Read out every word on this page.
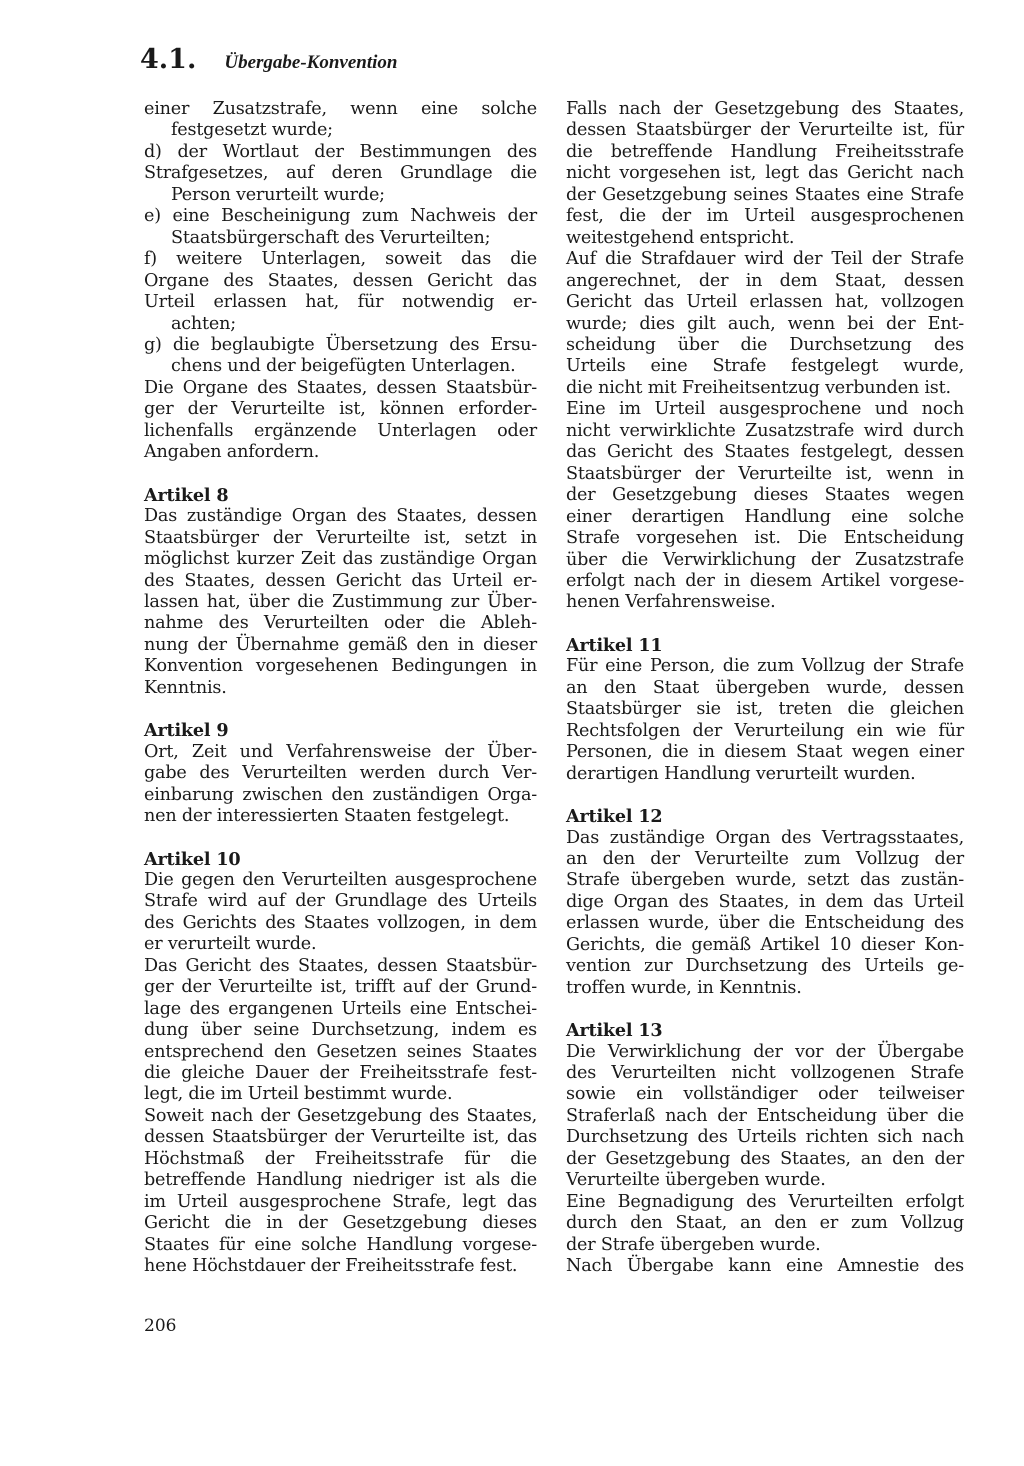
4.1. Übergabe-Konvention
einer Zusatzstrafe, wenn eine solche
festgesetzt wurde;
d) der Wortlaut der Bestimmungen des
Strafgesetzes, auf deren Grundlage die
Person verurteilt wurde;
e) eine Bescheinigung zum Nachweis der
Staatsbürgerschaft des Verurteilten;
f) weitere Unterlagen, soweit das die
Organe des Staates, dessen Gericht das
Urteil erlassen hat, für notwendig er-
achten;
g) die beglaubigte Übersetzung des Ersu-
chens und der beigefügten Unterlagen.
Die Organe des Staates, dessen Staatsbür-
ger der Verurteilte ist, können erforder-
lichenfalls ergänzende Unterlagen oder
Angaben anfordern.
Artikel 8
Das zuständige Organ des Staates, dessen
Staatsbürger der Verurteilte ist, setzt in
möglichst kurzer Zeit das zuständige Organ
des Staates, dessen Gericht das Urteil er-
lassen hat, über die Zustimmung zur Über-
nahme des Verurteilten oder die Ableh-
nung der Übernahme gemäß den in dieser
Konvention vorgesehenen Bedingungen in
Kenntnis.
Artikel 9
Ort, Zeit und Verfahrensweise der Über-
gabe des Verurteilten werden durch Ver-
einbarung zwischen den zuständigen Orga-
nen der interessierten Staaten festgelegt.
Artikel 10
Die gegen den Verurteilten ausgesprochene
Strafe wird auf der Grundlage des Urteils
des Gerichts des Staates vollzogen, in dem
er verurteilt wurde.
Das Gericht des Staates, dessen Staatsbür-
ger der Verurteilte ist, trifft auf der Grund-
lage des ergangenen Urteils eine Entschei-
dung über seine Durchsetzung, indem es
entsprechend den Gesetzen seines Staates
die gleiche Dauer der Freiheitsstrafe fest-
legt, die im Urteil bestimmt wurde.
Soweit nach der Gesetzgebung des Staates,
dessen Staatsbürger der Verurteilte ist, das
Höchstmaß der Freiheitsstrafe für die
betreffende Handlung niedriger ist als die
im Urteil ausgesprochene Strafe, legt das
Gericht die in der Gesetzgebung dieses
Staates für eine solche Handlung vorgese-
hene Höchstdauer der Freiheitsstrafe fest.
Falls nach der Gesetzgebung des Staates,
dessen Staatsbürger der Verurteilte ist, für
die betreffende Handlung Freiheitsstrafe
nicht vorgesehen ist, legt das Gericht nach
der Gesetzgebung seines Staates eine Strafe
fest, die der im Urteil ausgesprochenen
weitestgehend entspricht.
Auf die Strafdauer wird der Teil der Strafe
angerechnet, der in dem Staat, dessen
Gericht das Urteil erlassen hat, vollzogen
wurde; dies gilt auch, wenn bei der Ent-
scheidung über die Durchsetzung des
Urteils eine Strafe festgelegt wurde,
die nicht mit Freiheitsentzug verbunden ist.
Eine im Urteil ausgesprochene und noch
nicht verwirklichte Zusatzstrafe wird durch
das Gericht des Staates festgelegt, dessen
Staatsbürger der Verurteilte ist, wenn in
der Gesetzgebung dieses Staates wegen
einer derartigen Handlung eine solche
Strafe vorgesehen ist. Die Entscheidung
über die Verwirklichung der Zusatzstrafe
erfolgt nach der in diesem Artikel vorgese-
henen Verfahrensweise.
Artikel 11
Für eine Person, die zum Vollzug der Strafe
an den Staat übergeben wurde, dessen
Staatsbürger sie ist, treten die gleichen
Rechtsfolgen der Verurteilung ein wie für
Personen, die in diesem Staat wegen einer
derartigen Handlung verurteilt wurden.
Artikel 12
Das zuständige Organ des Vertragsstaates,
an den der Verurteilte zum Vollzug der
Strafe übergeben wurde, setzt das zustän-
dige Organ des Staates, in dem das Urteil
erlassen wurde, über die Entscheidung des
Gerichts, die gemäß Artikel 10 dieser Kon-
vention zur Durchsetzung des Urteils ge-
troffen wurde, in Kenntnis.
Artikel 13
Die Verwirklichung der vor der Übergabe
des Verurteilten nicht vollzogenen Strafe
sowie ein vollständiger oder teilweiser
Straferlaß nach der Entscheidung über die
Durchsetzung des Urteils richten sich nach
der Gesetzgebung des Staates, an den der
Verurteilte übergeben wurde.
Eine Begnadigung des Verurteilten erfolgt
durch den Staat, an den er zum Vollzug
der Strafe übergeben wurde.
Nach Übergabe kann eine Amnestie des
206
